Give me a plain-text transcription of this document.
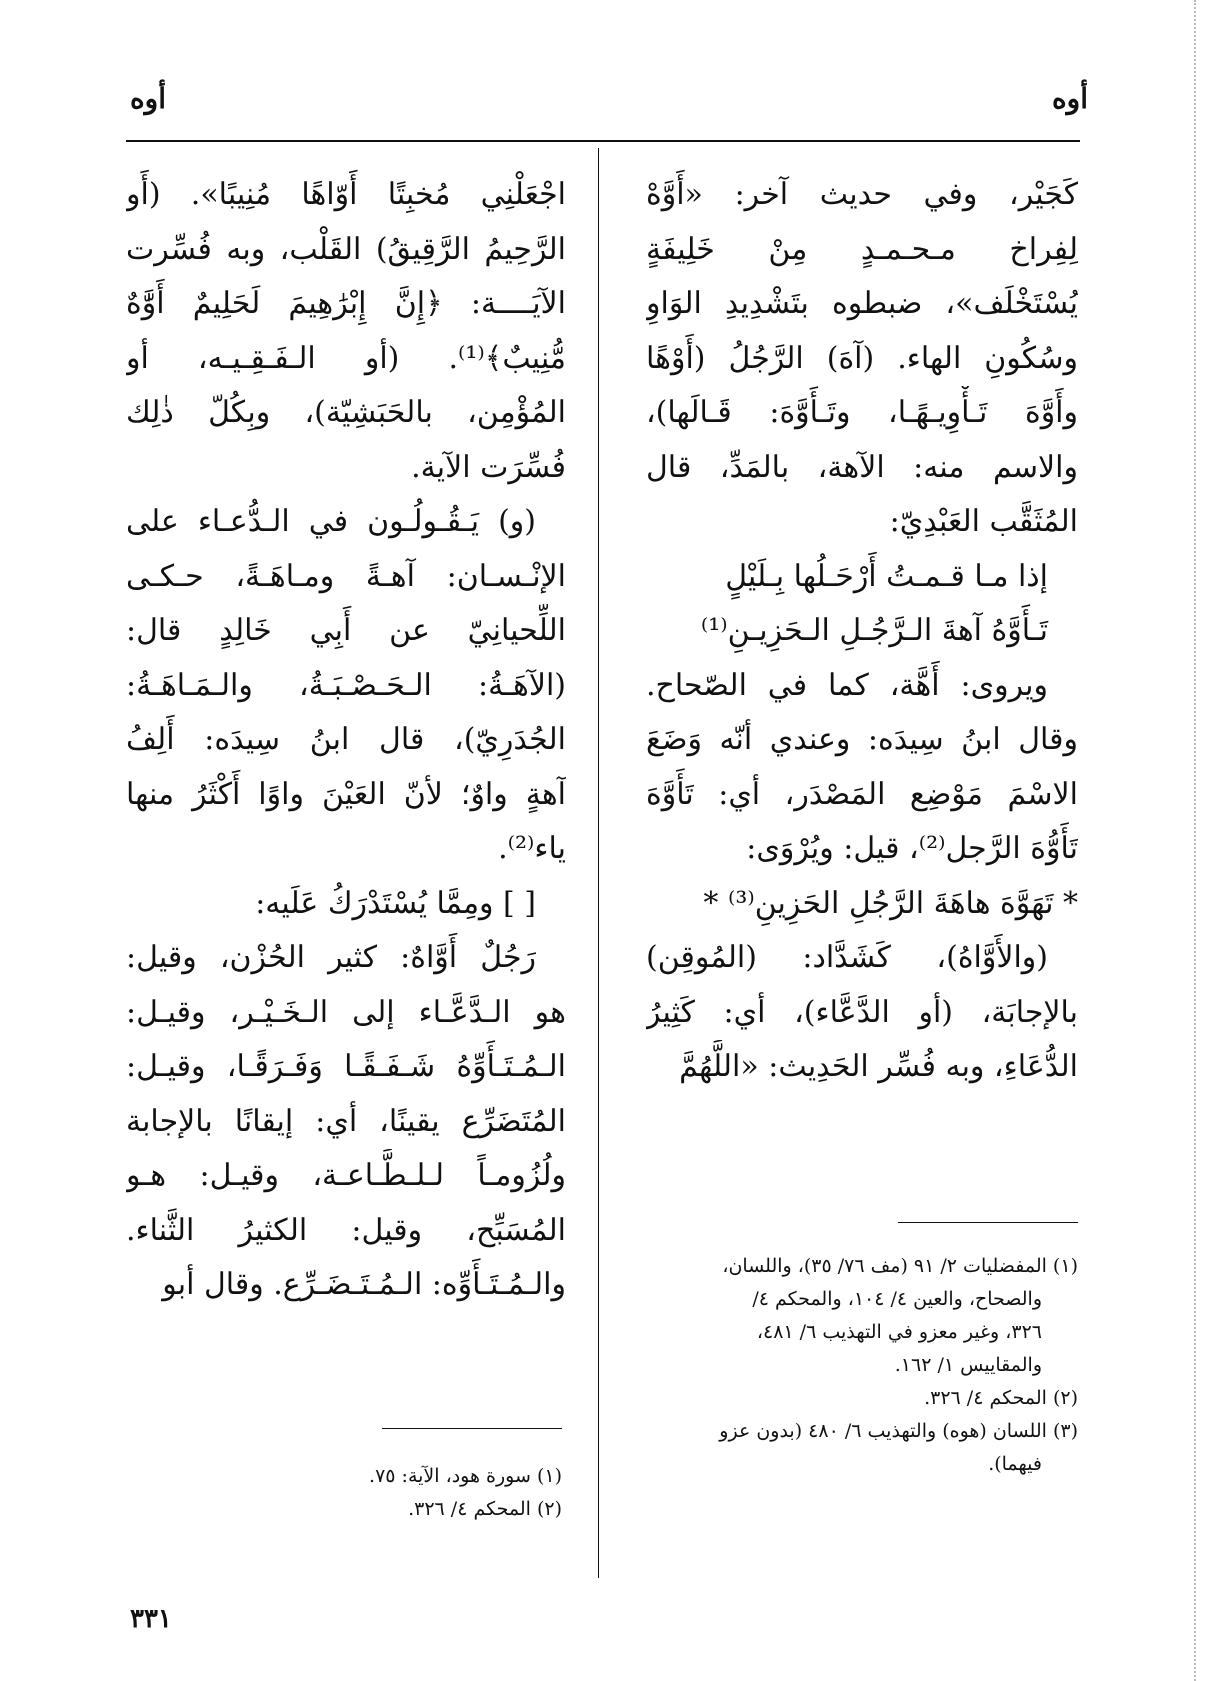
أوه
أوه
كَجَيْر، وفي حديث آخر: «أَوَّهْ
لِفِراخ مـحـمـدٍ مِنْ خَلِيفَةٍ
يُسْتَخْلَف»، ضبطوه بتَشْدِيدِ الوَاوِ
وسُكُونِ الهاء. (آهَ) الرَّجُلُ (أَوْهًا
وأَوَّهَ تَـأْوِيـهًـا، وتَـأَوَّهَ: قَـالَها)،
والاسم منه: الآهة، بالمَدِّ، قال
المُثَقَّب العَبْدِيّ:
إذا مـا قـمـتُ أَرْحَـلُها بِـلَيْلٍ
تَـأَوَّهُ آهةَ الـرَّجُـلِ الـحَزِيـنِ⁽¹⁾
ويروى: أَهَّة، كما في الصّحاح.
وقال ابنُ سِيدَه: وعندي أنّه وَضَعَ
الاسْمَ مَوْضِع المَصْدَر، أي: تَأَوَّهَ
تَأَوُّهَ الرَّجل⁽²⁾، قيل: ويُرْوَى:
* تَهَوَّهَ هاهَةَ الرَّجُلِ الحَزِينِ⁽³⁾ *
(والأَوَّاهُ)، كَشَدَّاد: (المُوقِن)
بالإجابَة، (أو الدَّعَّاء)، أي: كَثِيرُ
الدُّعَاءِ، وبه فُسِّر الحَدِيث: «اللَّهُمَّ
اجْعَلْنِي مُخبِتًا أَوّاهًا مُنِيبًا». (أَو
الرَّحِيمُ الرَّقِيقُ) القَلْب، وبه فُسِّرت
الآيَــــة: ﴿إِنَّ إِبْرَٰهِيمَ لَحَلِيمٌ أَوَّٰهٌ
مُّنِيبٌ﴾⁽¹⁾. (أو الـفَـقِـيـه، أو
المُؤْمِن، بالحَبَشِيّة)، وبِكُلّ ذٰلِك
فُسِّرَت الآية.
(و) يَـقُـولُـون في الـدُّعـاء على
الإنْـسـان: آهـةً ومـاهَـةً، حـكـى
اللِّحيانِيّ عن أَبِي خَالِدٍ قال:
(الآهَـةُ: الـحَـصْـبَـةُ، والـمَـاهَـةُ:
الجُدَرِيّ)، قال ابنُ سِيدَه: أَلِفُ
آهةٍ واوٌ؛ لأنّ العَيْنَ واوًا أَكْثَرُ منها
ياء⁽²⁾.
[ ] ومِمَّا يُسْتَدْرَكُ عَلَيه:
رَجُلٌ أَوَّاهٌ: كثير الحُزْن، وقيل:
هو الـدَّعَّـاء إلى الـخَـيْـر، وقيـل:
الـمُـتَـأَوِّهُ شَـفَـقًـا وَفَـرَقًـا، وقيـل:
المُتَضَرِّع يقينًا، أي: إيقانًا بالإجابة
ولُزُومـاً لـلـطَّـاعـة، وقيـل: هـو
المُسَبِّح، وقيل: الكثيرُ الثَّناء.
والـمُـتَـأَوِّه: الـمُـتَـضَـرِّع. وقال أبو
(١) المفضليات ٢/ ٩١ (مف ٧٦/ ٣٥)، واللسان،
والصحاح، والعين ٤/ ١٠٤، والمحكم ٤/
٣٢٦، وغير معزو في التهذيب ٦/ ٤٨١،
والمقاييس ١/ ١٦٢.
(٢) المحكم ٤/ ٣٢٦.
(٣) اللسان (هوه) والتهذيب ٦/ ٤٨٠ (بدون عزو
فيهما).
(١) سورة هود، الآية: ٧٥.
(٢) المحكم ٤/ ٣٢٦.
٣٣١
